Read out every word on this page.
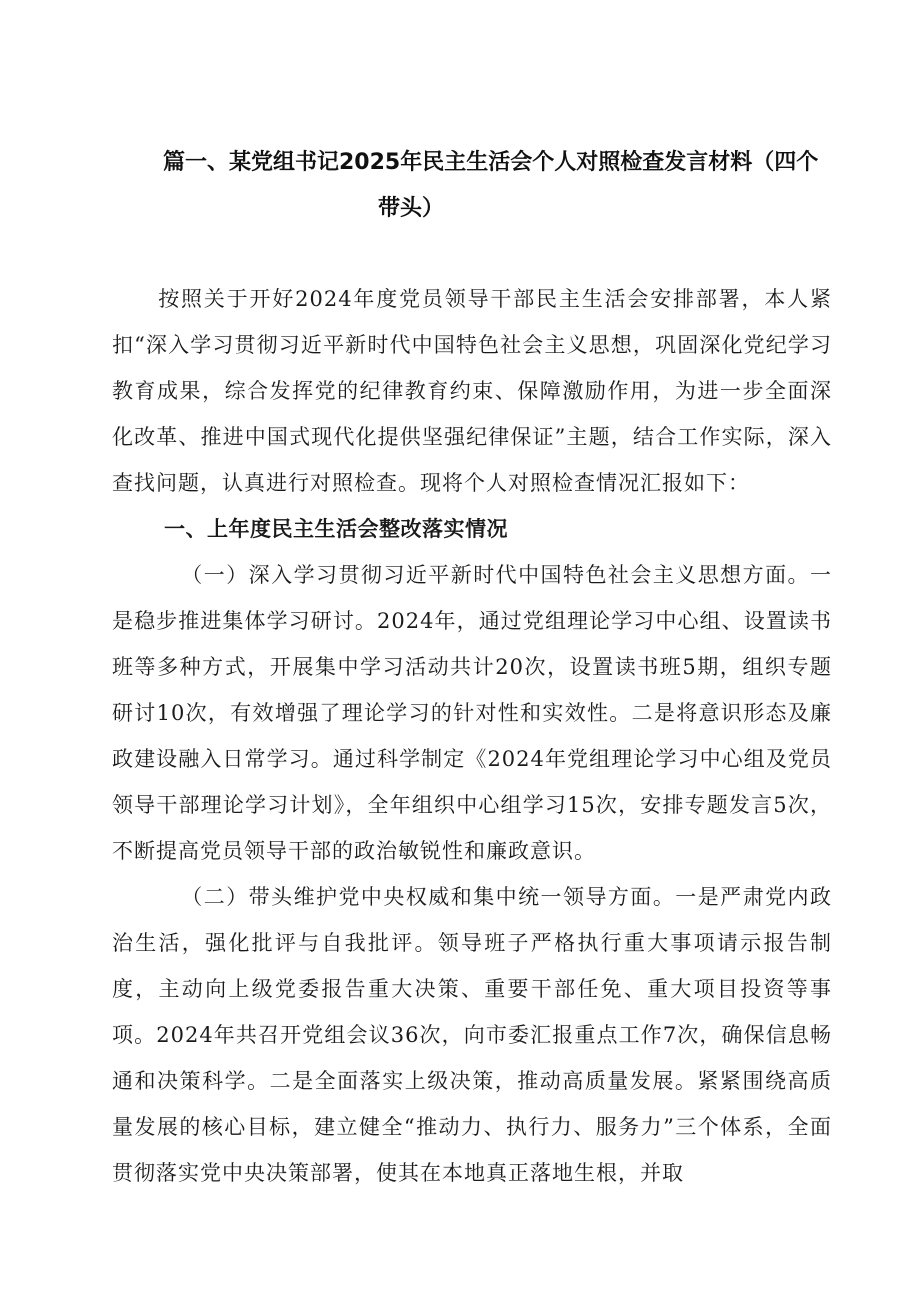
篇一、某党组书记2025年民主生活会个人对照检查发言材料（四个
带头）

按照关于开好2024年度党员领导干部民主生活会安排部署，本人紧扣“深入学习贯彻习近平新时代中国特色社会主义思想，巩固深化党纪学习教育成果，综合发挥党的纪律教育约束、保障激励作用，为进一步全面深化改革、推进中国式现代化提供坚强纪律保证”主题，结合工作实际，深入查找问题，认真进行对照检查。现将个人对照检查情况汇报如下：

一、上年度民主生活会整改落实情况

（一）深入学习贯彻习近平新时代中国特色社会主义思想方面。一是稳步推进集体学习研讨。2024年，通过党组理论学习中心组、设置读书班等多种方式，开展集中学习活动共计20次，设置读书班5期，组织专题研讨10次，有效增强了理论学习的针对性和实效性。二是将意识形态及廉政建设融入日常学习。通过科学制定《2024年党组理论学习中心组及党员领导干部理论学习计划》，全年组织中心组学习15次，安排专题发言5次，不断提高党员领导干部的政治敏锐性和廉政意识。

（二）带头维护党中央权威和集中统一领导方面。一是严肃党内政治生活，强化批评与自我批评。领导班子严格执行重大事项请示报告制度，主动向上级党委报告重大决策、重要干部任免、重大项目投资等事项。2024年共召开党组会议36次，向市委汇报重点工作7次，确保信息畅通和决策科学。二是全面落实上级决策，推动高质量发展。紧紧围绕高质量发展的核心目标，建立健全“推动力、执行力、服务力”三个体系，全面贯彻落实党中央决策部署，使其在本地真正落地生根，并取
